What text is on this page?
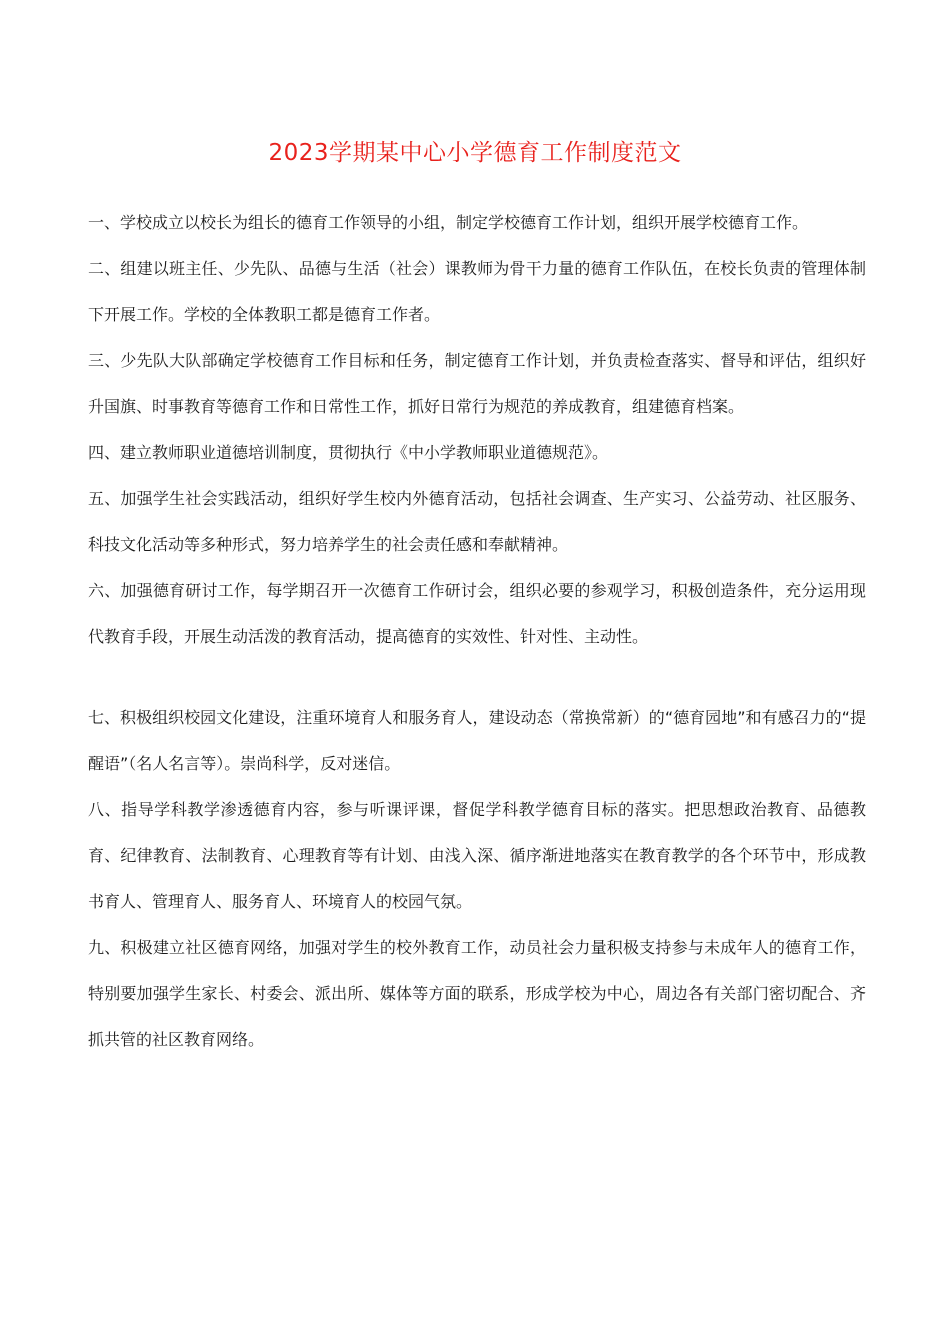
2023学期某中心小学德育工作制度范文

一、学校成立以校长为组长的德育工作领导的小组，制定学校德育工作计划，组织开展学校德育工作。

二、组建以班主任、少先队、品德与生活（社会）课教师为骨干力量的德育工作队伍，在校长负责的管理体制下开展工作。学校的全体教职工都是德育工作者。

三、少先队大队部确定学校德育工作目标和任务，制定德育工作计划，并负责检查落实、督导和评估，组织好升国旗、时事教育等德育工作和日常性工作，抓好日常行为规范的养成教育，组建德育档案。

四、建立教师职业道德培训制度，贯彻执行《中小学教师职业道德规范》。

五、加强学生社会实践活动，组织好学生校内外德育活动，包括社会调查、生产实习、公益劳动、社区服务、科技文化活动等多种形式，努力培养学生的社会责任感和奉献精神。

六、加强德育研讨工作，每学期召开一次德育工作研讨会，组织必要的参观学习，积极创造条件，充分运用现代教育手段，开展生动活泼的教育活动，提高德育的实效性、针对性、主动性。

七、积极组织校园文化建设，注重环境育人和服务育人，建设动态（常换常新）的“德育园地”和有感召力的“提醒语”（名人名言等）。崇尚科学，反对迷信。

八、指导学科教学渗透德育内容，参与听课评课，督促学科教学德育目标的落实。把思想政治教育、品德教育、纪律教育、法制教育、心理教育等有计划、由浅入深、循序渐进地落实在教育教学的各个环节中，形成教书育人、管理育人、服务育人、环境育人的校园气氛。

九、积极建立社区德育网络，加强对学生的校外教育工作，动员社会力量积极支持参与未成年人的德育工作，特别要加强学生家长、村委会、派出所、媒体等方面的联系，形成学校为中心，周边各有关部门密切配合、齐抓共管的社区教育网络。
